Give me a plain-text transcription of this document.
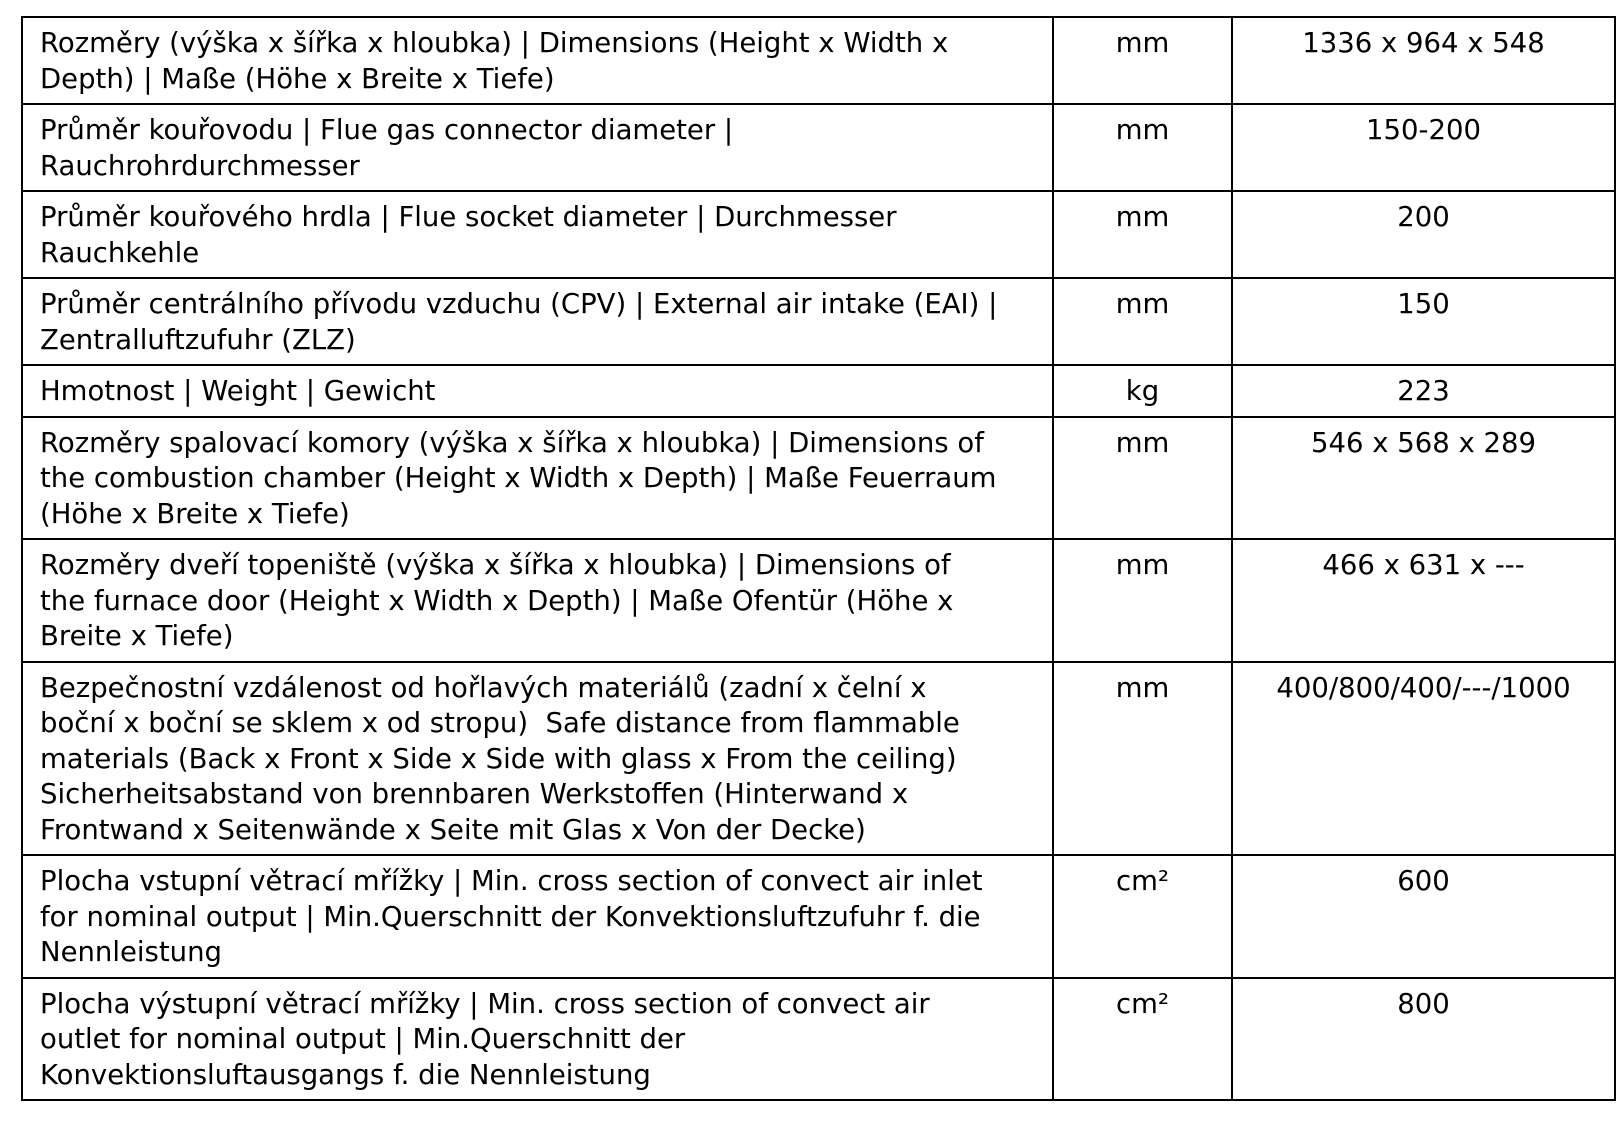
Rozměry (výška x šířka x hloubka) | Dimensions (Height x Width x
Depth) | Maße (Höhe x Breite x Tiefe)	mm	1336 x 964 x 548
Průměr kouřovodu | Flue gas connector diameter |
Rauchrohrdurchmesser	mm	150-200
Průměr kouřového hrdla | Flue socket diameter | Durchmesser
Rauchkehle	mm	200
Průměr centrálního přívodu vzduchu (CPV) | External air intake (EAI) |
Zentralluftzufuhr (ZLZ)	mm	150
Hmotnost | Weight | Gewicht	kg	223
Rozměry spalovací komory (výška x šířka x hloubka) | Dimensions of
the combustion chamber (Height x Width x Depth) | Maße Feuerraum
(Höhe x Breite x Tiefe)	mm	546 x 568 x 289
Rozměry dveří topeniště (výška x šířka x hloubka) | Dimensions of
the furnace door (Height x Width x Depth) | Maße Ofentür (Höhe x
Breite x Tiefe)	mm	466 x 631 x ---
Bezpečnostní vzdálenost od hořlavých materiálů (zadní x čelní x
boční x boční se sklem x od stropu)  Safe distance from flammable
materials (Back x Front x Side x Side with glass x From the ceiling)
Sicherheitsabstand von brennbaren Werkstoffen (Hinterwand x
Frontwand x Seitenwände x Seite mit Glas x Von der Decke)	mm	400/800/400/---/1000
Plocha vstupní větrací mřížky | Min. cross section of convect air inlet
for nominal output | Min.Querschnitt der Konvektionsluftzufuhr f. die
Nennleistung	cm²	600
Plocha výstupní větrací mřížky | Min. cross section of convect air
outlet for nominal output | Min.Querschnitt der
Konvektionsluftausgangs f. die Nennleistung	cm²	800
